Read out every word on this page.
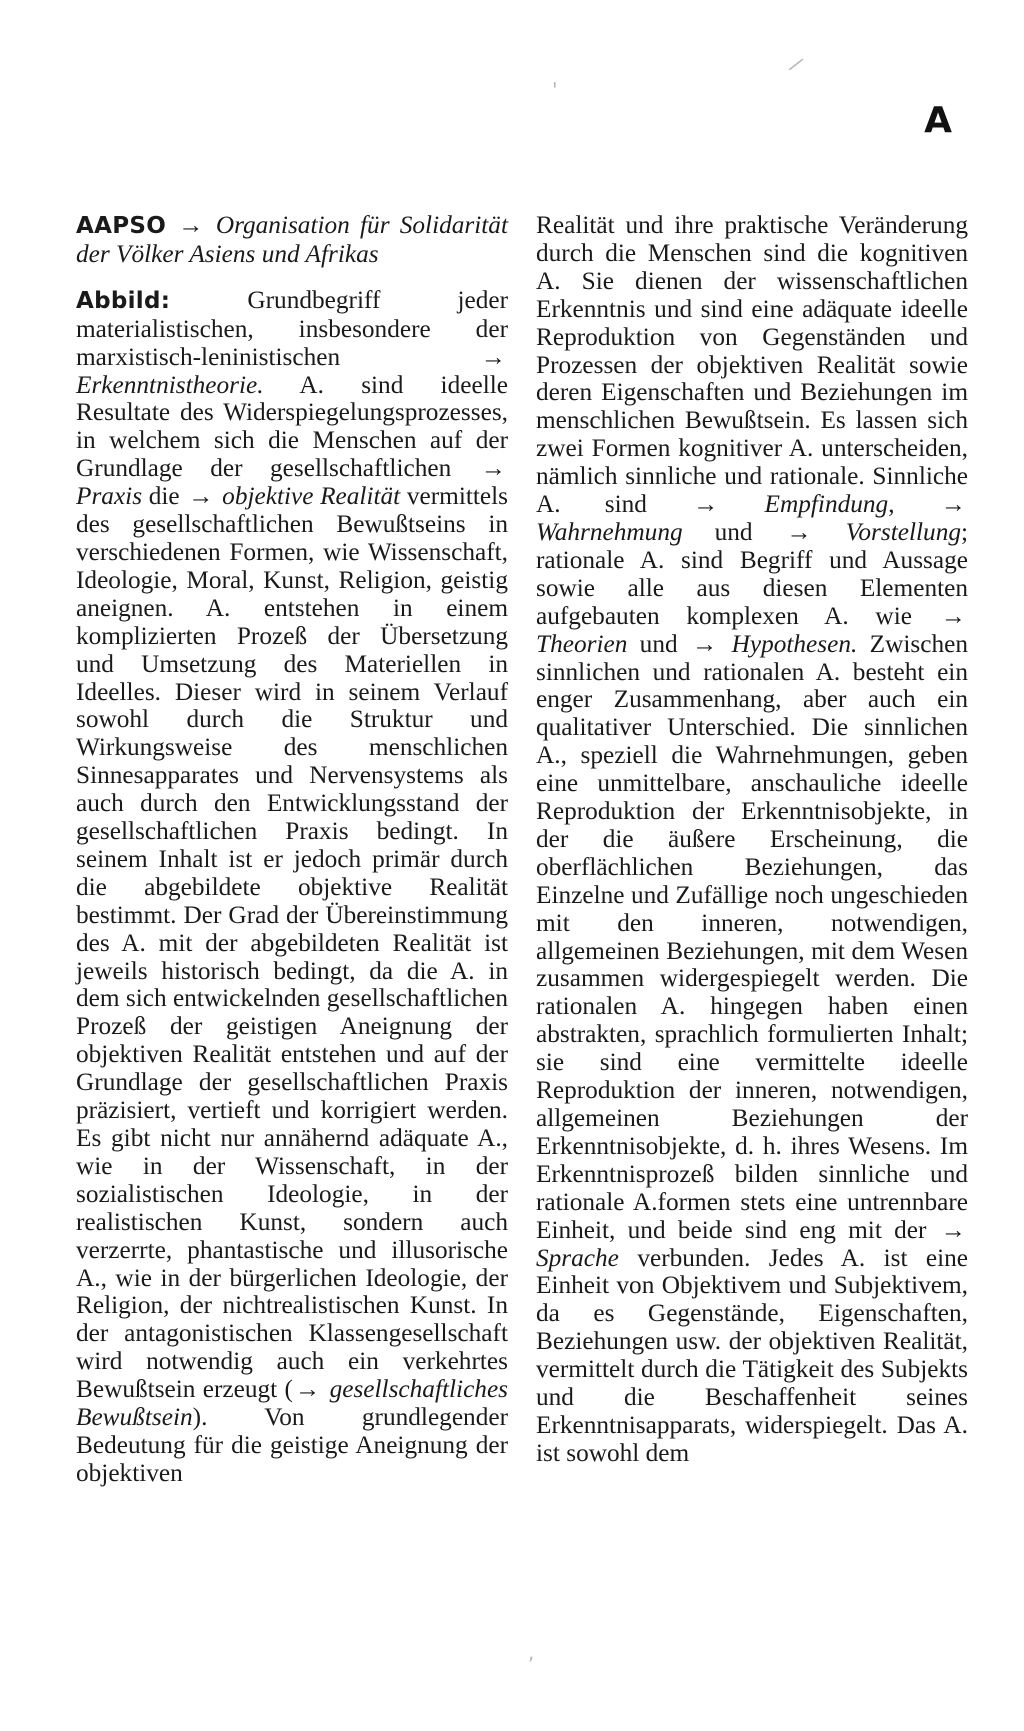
/
'
,
A

AAPSO → Organisation für Solidarität der Völker Asiens und Afrikas

Abbild:	Grundbegriff jeder materialistischen, insbesondere der marxistisch-leninistischen	→ Erkenntnistheorie. A. sind ideelle Resultate des Widerspiegelungsprozesses, in welchem sich die Menschen auf der Grundlage der gesellschaftlichen → Praxis die → objektive Realität vermittels des gesellschaftlichen Bewußtseins in verschiedenen Formen, wie Wissenschaft, Ideologie, Moral, Kunst, Religion, geistig aneignen. A. entstehen in einem komplizierten Prozeß der Übersetzung und Umsetzung des Materiellen in Ideelles. Dieser wird in seinem Verlauf sowohl durch die Struktur und Wirkungsweise des menschlichen Sinnesapparates und Nervensystems als auch durch den Entwicklungsstand der gesellschaftlichen Praxis bedingt. In seinem Inhalt ist er jedoch primär durch die abgebildete objektive Realität bestimmt. Der Grad der Übereinstimmung des A. mit der abgebildeten Realität ist jeweils historisch bedingt, da die A. in dem sich entwickelnden gesellschaftlichen Prozeß der geistigen Aneignung der objektiven Realität entstehen und auf der Grundlage der gesellschaftlichen Praxis präzisiert, vertieft und korrigiert werden. Es gibt nicht nur annähernd adäquate A., wie in der Wissenschaft, in der sozialistischen Ideologie, in der realistischen Kunst, sondern auch verzerrte, phantastische und illusorische A., wie in der bürgerlichen Ideologie, der Religion, der nichtrealistischen Kunst. In der antagonistischen Klassengesellschaft wird notwendig auch ein verkehrtes Bewußtsein erzeugt (→ gesellschaftliches Bewußtsein). Von grundlegender Bedeutung für die geistige Aneignung der objektiven

Realität und ihre praktische Veränderung durch die Menschen sind die kognitiven A. Sie dienen der wissenschaftlichen Erkenntnis und sind eine adäquate ideelle Reproduktion von Gegenständen und Prozessen der objektiven Realität sowie deren Eigenschaften und Beziehungen im menschlichen Bewußtsein. Es lassen sich zwei Formen kognitiver A. unterscheiden, nämlich sinnliche und rationale. Sinnliche A. sind → Empfindung, → Wahrnehmung und → Vorstellung; rationale A. sind Begriff und Aussage sowie alle aus diesen Elementen aufgebauten komplexen A. wie → Theorien und → Hypothesen. Zwischen sinnlichen und rationalen A. besteht ein enger Zusammenhang, aber auch ein qualitativer Unterschied. Die sinnlichen A., speziell die Wahrnehmungen, geben eine unmittelbare, anschauliche ideelle Reproduktion der Erkenntnisobjekte, in der die äußere Erscheinung, die oberflächlichen Beziehungen, das Einzelne und Zufällige noch ungeschieden mit den inneren, notwendigen, allgemeinen Beziehungen, mit dem Wesen zusammen widergespiegelt werden. Die rationalen A. hingegen haben einen abstrakten, sprachlich formulierten Inhalt; sie sind eine vermittelte ideelle Reproduktion der inneren, notwendigen, allgemeinen Beziehungen der Erkenntnisobjekte, d. h. ihres Wesens. Im Erkenntnisprozeß bilden sinnliche und rationale A.formen stets eine untrennbare Einheit, und beide sind eng mit der → Sprache verbunden. Jedes A. ist eine Einheit von Objektivem und Subjektivem, da es Gegenstände, Eigenschaften, Beziehungen usw. der objektiven Realität, vermittelt durch die Tätigkeit des Subjekts und die Beschaffenheit seines Erkenntnisapparats, widerspiegelt. Das A. ist sowohl dem
